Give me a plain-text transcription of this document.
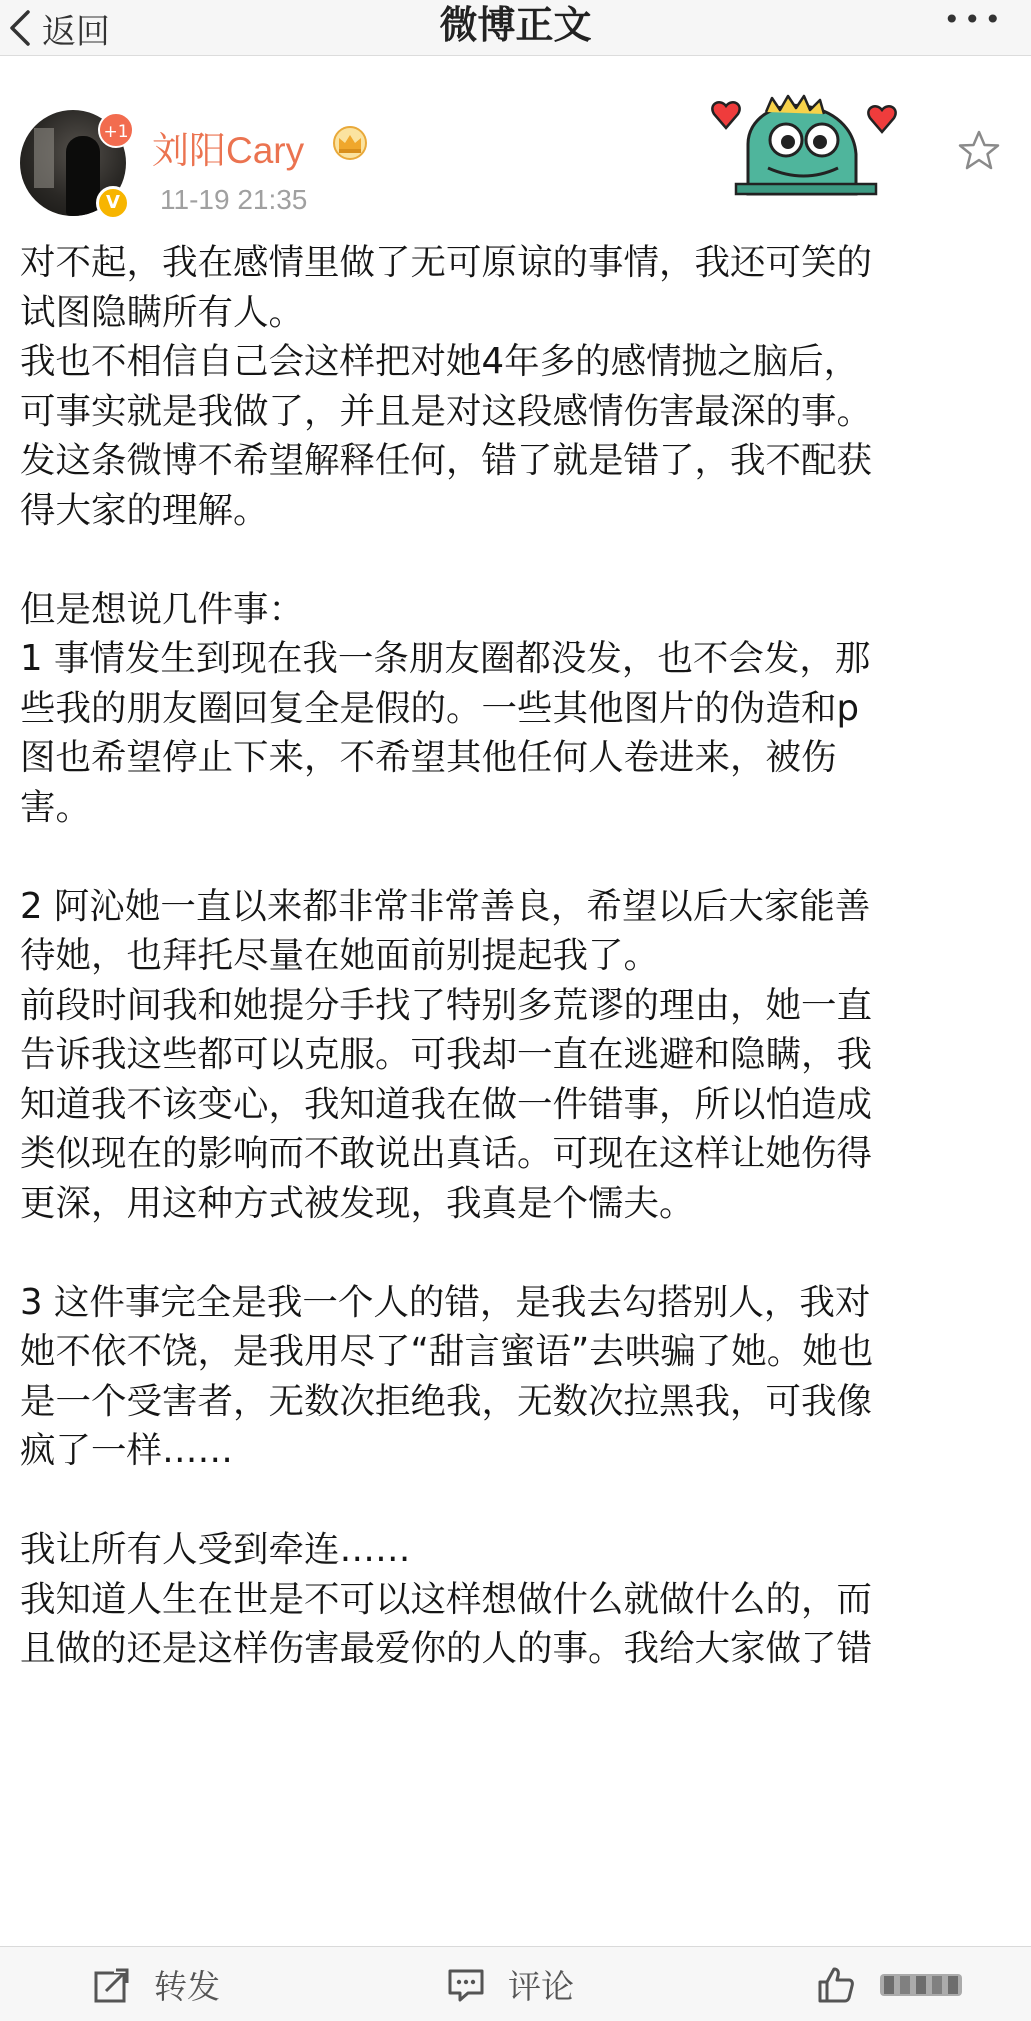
返回	微博正文	•••
+1
V
刘阳Cary
11-19 21:35
对不起，我在感情里做了无可原谅的事情，我还可笑的
试图隐瞒所有人。
我也不相信自己会这样把对她4年多的感情抛之脑后，
可事实就是我做了，并且是对这段感情伤害最深的事。
发这条微博不希望解释任何，错了就是错了，我不配获
得大家的理解。
但是想说几件事：
1 事情发生到现在我一条朋友圈都没发，也不会发，那
些我的朋友圈回复全是假的。一些其他图片的伪造和p
图也希望停止下来，不希望其他任何人卷进来，被伤
害。
2 阿沁她一直以来都非常非常善良，希望以后大家能善
待她，也拜托尽量在她面前别提起我了。
前段时间我和她提分手找了特别多荒谬的理由，她一直
告诉我这些都可以克服。可我却一直在逃避和隐瞒，我
知道我不该变心，我知道我在做一件错事，所以怕造成
类似现在的影响而不敢说出真话。可现在这样让她伤得
更深，用这种方式被发现，我真是个懦夫。
3 这件事完全是我一个人的错，是我去勾搭别人，我对
她不依不饶，是我用尽了“甜言蜜语”去哄骗了她。她也
是一个受害者，无数次拒绝我，无数次拉黑我，可我像
疯了一样……
我让所有人受到牵连……
我知道人生在世是不可以这样想做什么就做什么的，而
且做的还是这样伤害最爱你的人的事。我给大家做了错
转发	评论
